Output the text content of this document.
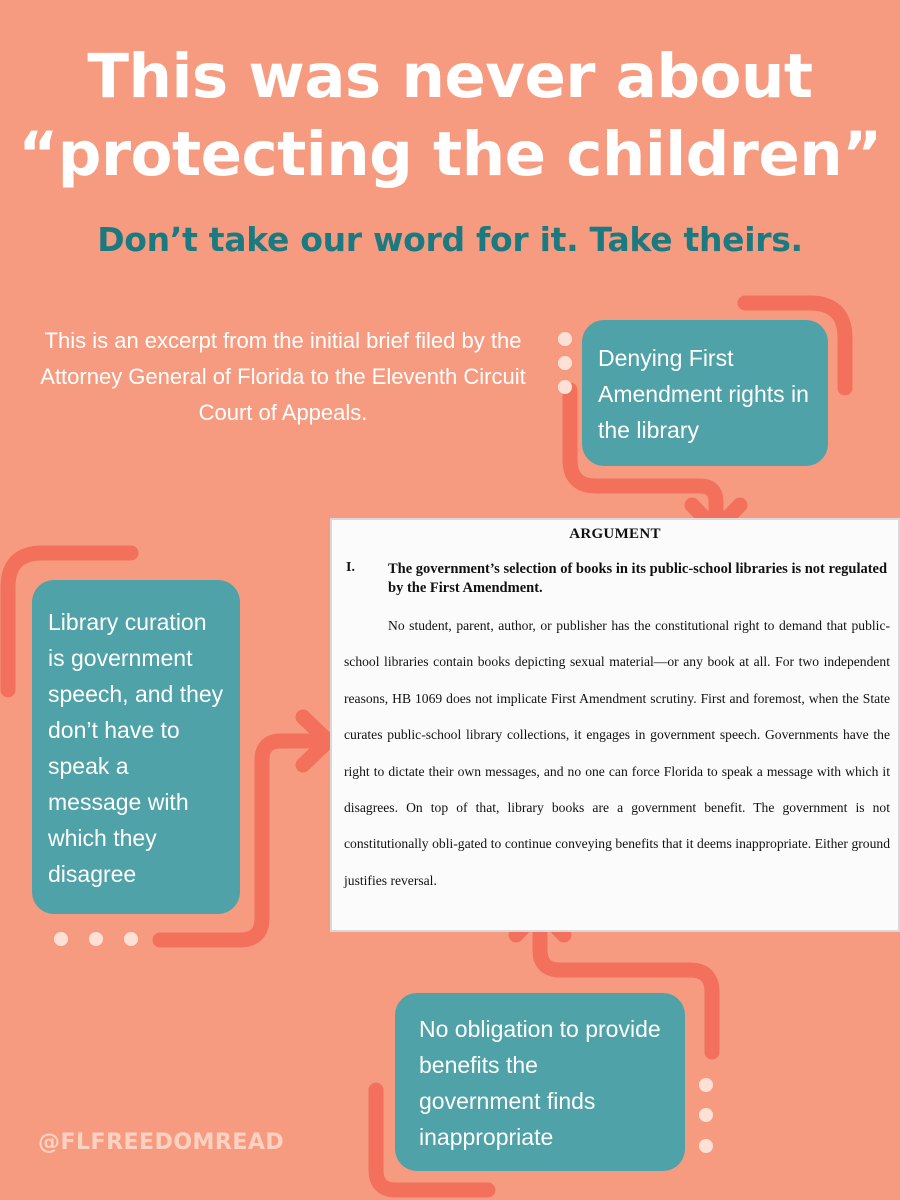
This was never about
“protecting the children”
Don’t take our word for it. Take theirs.
This is an excerpt from the initial brief filed by the Attorney General of Florida to the Eleventh Circuit Court of Appeals.
Denying First Amendment rights in the library
Library curation is government speech, and they don’t have to speak a message with which they disagree
ARGUMENT
I. The government’s selection of books in its public-school libraries is not regulated by the First Amendment.

No student, parent, author, or publisher has the constitutional right to demand that public-school libraries contain books depicting sexual material—or any book at all. For two independent reasons, HB 1069 does not implicate First Amendment scrutiny. First and foremost, when the State curates public-school library collections, it engages in government speech. Governments have the right to dictate their own messages, and no one can force Florida to speak a message with which it disagrees. On top of that, library books are a government benefit. The government is not constitutionally obli-gated to continue conveying benefits that it deems inappropriate. Either ground justifies reversal.

No obligation to provide benefits the government finds inappropriate
@FLFREEDOMREAD
